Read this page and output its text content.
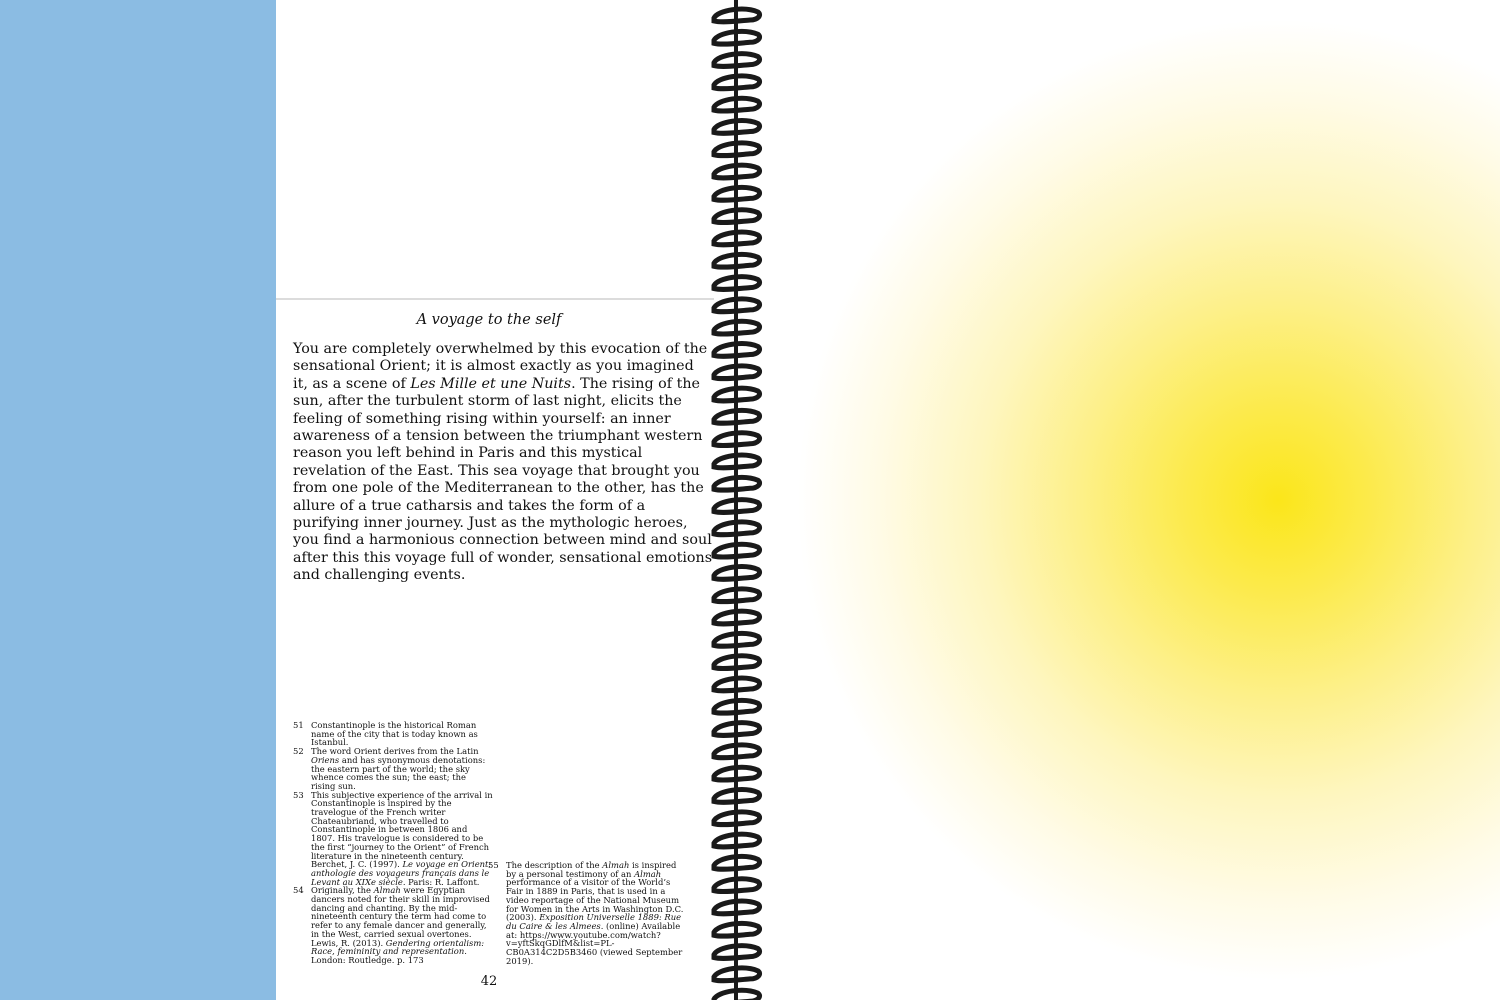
A voyage to the self

You are completely overwhelmed by this evocation of the sensational Orient; it is almost exactly as you imagined it, as a scene of Les Mille et une Nuits. The rising of the sun, after the turbulent storm of last night, elicits the feeling of something rising within yourself: an inner awareness of a tension between the triumphant western reason you left behind in Paris and this mystical revelation of the East. This sea voyage that brought you from one pole of the Mediterranean to the other, has the allure of a true catharsis and takes the form of a purifying inner journey. Just as the mythologic heroes, you find a harmonious connection between mind and soul after this this voyage full of wonder, sensational emotions and challenging events.

51 Constantinople is the historical Roman name of the city that is today known as Istanbul.

52 The word Orient derives from the Latin Oriens and has synonymous denotations: the eastern part of the world; the sky whence comes the sun; the east; the rising sun.

53 This subjective experience of the arrival in Constantinople is inspired by the travelogue of the French writer Chateaubriand, who travelled to Constantinople in between 1806 and 1807. His travelogue is considered to be the first “journey to the Orient” of French literature in the nineteenth century. Berchet, J. C. (1997). Le voyage en Orient: anthologie des voyageurs français dans le Levant au XIXe siècle. Paris: R. Laffont.

54 Originally, the Almah were Egyptian dancers noted for their skill in improvised dancing and chanting. By the mid-nineteenth century the term had come to refer to any female dancer and generally, in the West, carried sexual overtones. Lewis, R. (2013). Gendering orientalism: Race, femininity and representation. London: Routledge. p. 173

55 The description of the Almah is inspired by a personal testimony of an Almah performance of a visitor of the World’s Fair in 1889 in Paris, that is used in a video reportage of the National Museum for Women in the Arts in Washington D.C. (2003). Exposition Universelle 1889: Rue du Caire & les Almees. (online) Available at: https://www.youtube.com/watch?v=yftSkqGDlfM&list=PL-CB0A314C2D5B3460 (viewed September 2019).

42
